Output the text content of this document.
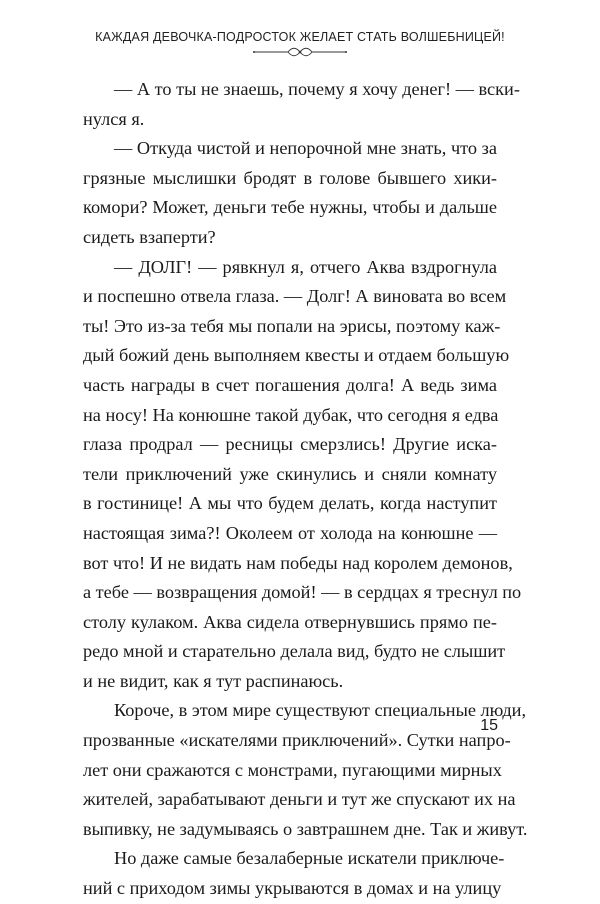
КАЖДАЯ ДЕВОЧКА-ПОДРОСТОК ЖЕЛАЕТ СТАТЬ ВОЛШЕБНИЦЕЙ!

— А то ты не знаешь, почему я хочу денег! — вски-
нулся я.

— Откуда чистой и непорочной мне знать, что за
грязные мыслишки бродят в голове бывшего хики-
комори? Может, деньги тебе нужны, чтобы и дальше
сидеть взаперти?

— ДОЛГ! — рявкнул я, отчего Аква вздрогнула
и поспешно отвела глаза. — Долг! А виновата во всем
ты! Это из-за тебя мы попали на эрисы, поэтому каж-
дый божий день выполняем квесты и отдаем большую
часть награды в счет погашения долга! А ведь зима
на носу! На конюшне такой дубак, что сегодня я едва
глаза продрал — ресницы смерзлись! Другие иска-
тели приключений уже скинулись и сняли комнату
в гостинице! А мы что будем делать, когда наступит
настоящая зима?! Околеем от холода на конюшне —
вот что! И не видать нам победы над королем демонов,
а тебе — возвращения домой! — в сердцах я треснул по
столу кулаком. Аква сидела отвернувшись прямо пе-
редо мной и старательно делала вид, будто не слышит
и не видит, как я тут распинаюсь.

Короче, в этом мире существуют специальные люди,
прозванные «искателями приключений». Сутки напро-
лет они сражаются с монстрами, пугающими мирных
жителей, зарабатывают деньги и тут же спускают их на
выпивку, не задумываясь о завтрашнем дне. Так и живут.

Но даже самые безалаберные искатели приключе-
ний с приходом зимы укрываются в домах и на улицу

15
